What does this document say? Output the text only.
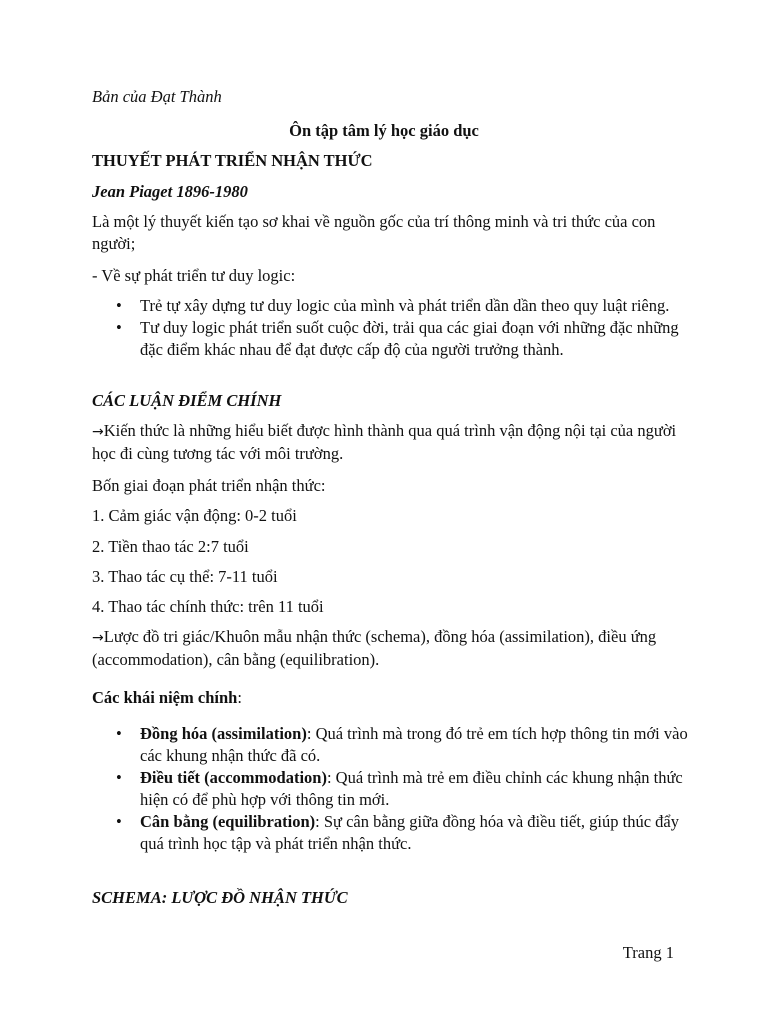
Bản của Đạt Thành

Ôn tập tâm lý học giáo dục

THUYẾT PHÁT TRIỂN NHẬN THỨC

Jean Piaget 1896-1980

Là một lý thuyết kiến tạo sơ khai về nguồn gốc của trí thông minh và tri thức của con người;

- Về sự phát triển tư duy logic:

• Trẻ tự xây dựng tư duy logic của mình và phát triển dần dần theo quy luật riêng.
• Tư duy logic phát triển suốt cuộc đời, trải qua các giai đoạn với những đặc những đặc điểm khác nhau để đạt được cấp độ của người trưởng thành.

CÁC LUẬN ĐIỂM CHÍNH

→Kiến thức là những hiểu biết được hình thành qua quá trình vận động nội tại của người học đi cùng tương tác với môi trường.

Bốn giai đoạn phát triển nhận thức:

1. Cảm giác vận động: 0-2 tuổi

2. Tiền thao tác 2:7 tuổi

3. Thao tác cụ thể: 7-11 tuổi

4. Thao tác chính thức: trên 11 tuổi

→Lược đồ tri giác/Khuôn mẫu nhận thức (schema), đồng hóa (assimilation), điều ứng (accommodation), cân bằng (equilibration).

Các khái niệm chính:

• Đồng hóa (assimilation): Quá trình mà trong đó trẻ em tích hợp thông tin mới vào các khung nhận thức đã có.
• Điều tiết (accommodation): Quá trình mà trẻ em điều chỉnh các khung nhận thức hiện có để phù hợp với thông tin mới.
• Cân bằng (equilibration): Sự cân bằng giữa đồng hóa và điều tiết, giúp thúc đẩy quá trình học tập và phát triển nhận thức.

SCHEMA: LƯỢC ĐỒ NHẬN THỨC

Trang 1
